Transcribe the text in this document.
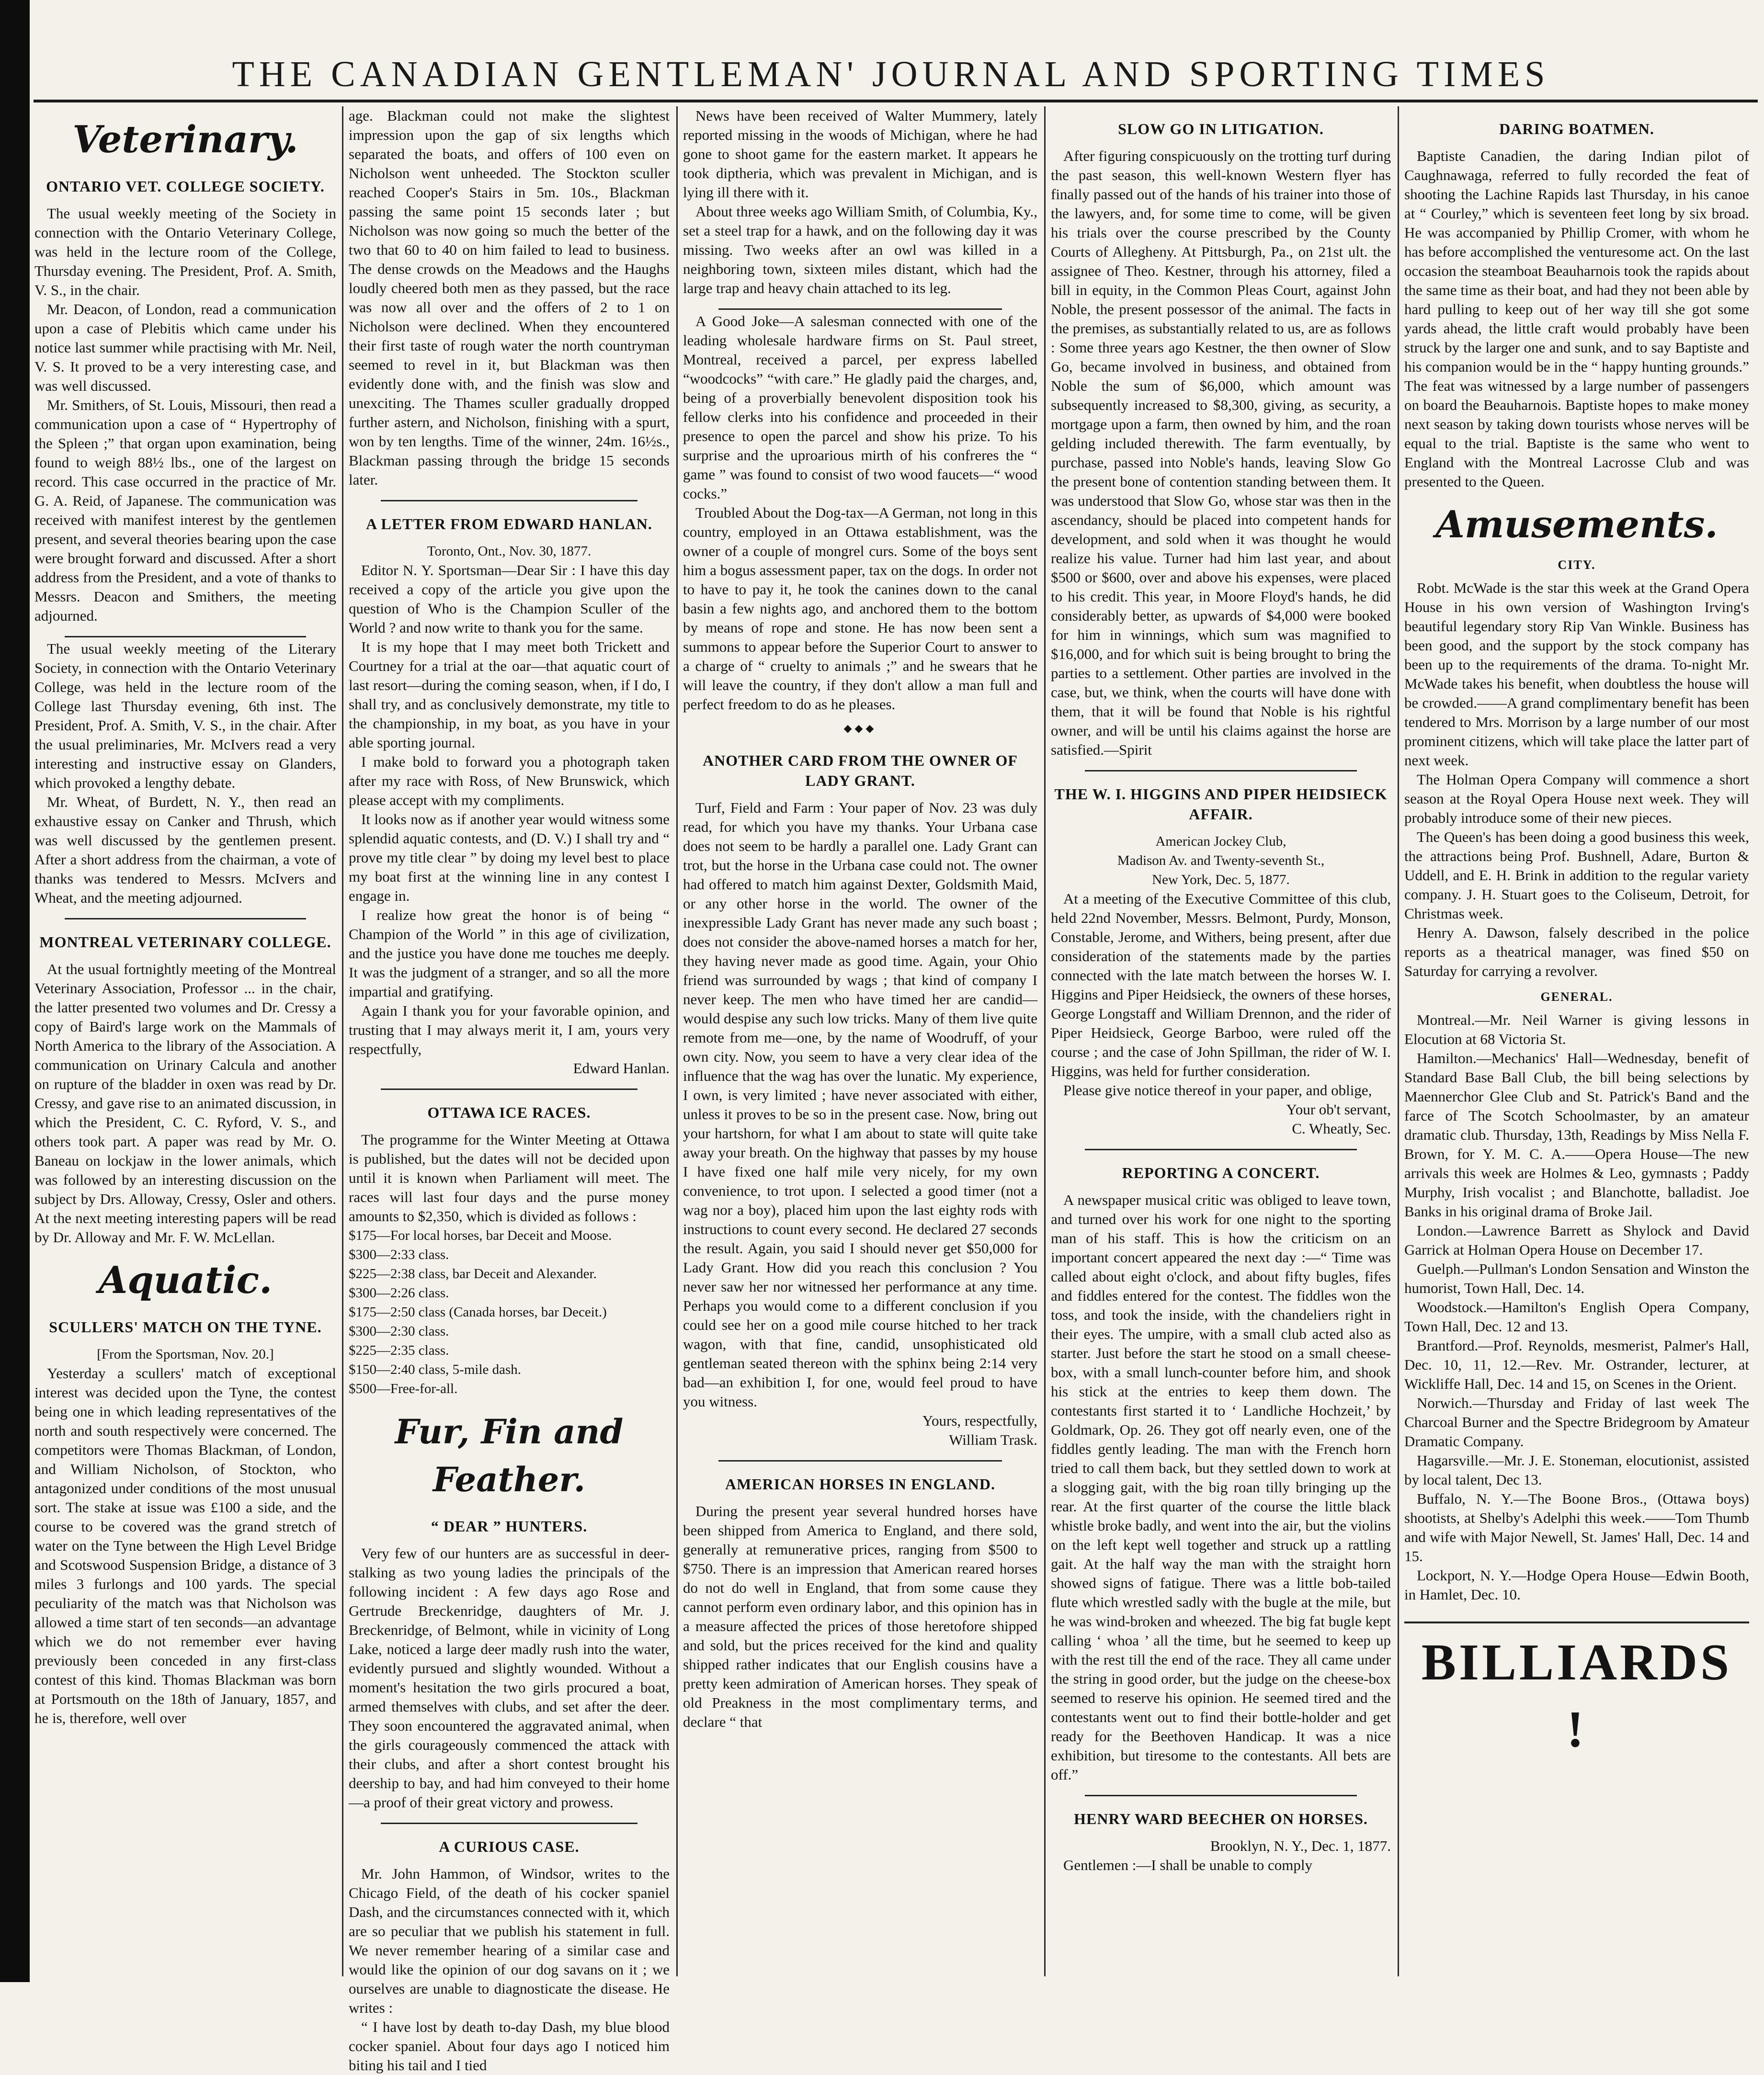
THE CANADIAN GENTLEMAN' JOURNAL AND SPORTING TIMES
Veterinary.
ONTARIO VET. COLLEGE SOCIETY.

The usual weekly meeting of the Society in connection with the Ontario Veterinary College, was held in the lecture room of the College, Thursday evening. The President, Prof. A. Smith, V. S., in the chair.

Mr. Deacon, of London, read a communication upon a case of Plebitis which came under his notice last summer while practising with Mr. Neil, V. S. It proved to be a very interesting case, and was well discussed.

Mr. Smithers, of St. Louis, Missouri, then read a communication upon a case of “ Hypertrophy of the Spleen ;” that organ upon examination, being found to weigh 88½ lbs., one of the largest on record. This case occurred in the practice of Mr. G. A. Reid, of Japanese. The communication was received with manifest interest by the gentlemen present, and several theories bearing upon the case were brought forward and discussed. After a short address from the President, and a vote of thanks to Messrs. Deacon and Smithers, the meeting adjourned.

The usual weekly meeting of the Literary Society, in connection with the Ontario Veterinary College, was held in the lecture room of the College last Thursday evening, 6th inst. The President, Prof. A. Smith, V. S., in the chair. After the usual preliminaries, Mr. McIvers read a very interesting and instructive essay on Glanders, which provoked a lengthy debate.

Mr. Wheat, of Burdett, N. Y., then read an exhaustive essay on Canker and Thrush, which was well discussed by the gentlemen present. After a short address from the chairman, a vote of thanks was tendered to Messrs. McIvers and Wheat, and the meeting adjourned.

MONTREAL VETERINARY COLLEGE.

At the usual fortnightly meeting of the Montreal Veterinary Association, Professor ... in the chair, the latter presented two volumes and Dr. Cressy a copy of Baird's large work on the Mammals of North America to the library of the Association. A communication on Urinary Calcula and another on rupture of the bladder in oxen was read by Dr. Cressy, and gave rise to an animated discussion, in which the President, C. C. Ryford, V. S., and others took part. A paper was read by Mr. O. Baneau on lockjaw in the lower animals, which was followed by an interesting discussion on the subject by Drs. Alloway, Cressy, Osler and others. At the next meeting interesting papers will be read by Dr. Alloway and Mr. F. W. McLellan.

Aquatic.
SCULLERS' MATCH ON THE TYNE.

[From the Sportsman, Nov. 20.]

Yesterday a scullers' match of exceptional interest was decided upon the Tyne, the contest being one in which leading representatives of the north and south respectively were concerned. The competitors were Thomas Blackman, of London, and William Nicholson, of Stockton, who antagonized under conditions of the most unusual sort. The stake at issue was £100 a side, and the course to be covered was the grand stretch of water on the Tyne between the High Level Bridge and Scotswood Suspension Bridge, a distance of 3 miles 3 furlongs and 100 yards. The special peculiarity of the match was that Nicholson was allowed a time start of ten seconds—an advantage which we do not remember ever having previously been conceded in any first-class contest of this kind. Thomas Blackman was born at Portsmouth on the 18th of January, 1857, and he is, therefore, well over

age. Blackman could not make the slightest impression upon the gap of six lengths which separated the boats, and offers of 100 even on Nicholson went unheeded. The Stockton sculler reached Cooper's Stairs in 5m. 10s., Blackman passing the same point 15 seconds later ; but Nicholson was now going so much the better of the two that 60 to 40 on him failed to lead to business. The dense crowds on the Meadows and the Haughs loudly cheered both men as they passed, but the race was now all over and the offers of 2 to 1 on Nicholson were declined. When they encountered their first taste of rough water the north countryman seemed to revel in it, but Blackman was then evidently done with, and the finish was slow and unexciting. The Thames sculler gradually dropped further astern, and Nicholson, finishing with a spurt, won by ten lengths. Time of the winner, 24m. 16½s., Blackman passing through the bridge 15 seconds later.

A LETTER FROM EDWARD HANLAN.

Toronto, Ont., Nov. 30, 1877.

Editor N. Y. Sportsman—Dear Sir : I have this day received a copy of the article you give upon the question of Who is the Champion Sculler of the World ? and now write to thank you for the same.

It is my hope that I may meet both Trickett and Courtney for a trial at the oar—that aquatic court of last resort—during the coming season, when, if I do, I shall try, and as conclusively demonstrate, my title to the championship, in my boat, as you have in your able sporting journal.

I make bold to forward you a photograph taken after my race with Ross, of New Brunswick, which please accept with my compliments.

It looks now as if another year would witness some splendid aquatic contests, and (D. V.) I shall try and “ prove my title clear ” by doing my level best to place my boat first at the winning line in any contest I engage in.

I realize how great the honor is of being “ Champion of the World ” in this age of civilization, and the justice you have done me touches me deeply. It was the judgment of a stranger, and so all the more impartial and gratifying.

Again I thank you for your favorable opinion, and trusting that I may always merit it, I am, yours very respectfully,

Edward Hanlan.

OTTAWA ICE RACES.

The programme for the Winter Meeting at Ottawa is published, but the dates will not be decided upon until it is known when Parliament will meet. The races will last four days and the purse money amounts to $2,350, which is divided as follows :

$175—For local horses, bar Deceit and Moose.

$300—2:33 class.

$225—2:38 class, bar Deceit and Alexander.

$300—2:26 class.

$175—2:50 class (Canada horses, bar Deceit.)

$300—2:30 class.

$225—2:35 class.

$150—2:40 class, 5-mile dash.

$500—Free-for-all.

Fur, Fin and Feather.
“ DEAR ” HUNTERS.

Very few of our hunters are as successful in deer-stalking as two young ladies the principals of the following incident : A few days ago Rose and Gertrude Breckenridge, daughters of Mr. J. Breckenridge, of Belmont, while in vicinity of Long Lake, noticed a large deer madly rush into the water, evidently pursued and slightly wounded. Without a moment's hesitation the two girls procured a boat, armed themselves with clubs, and set after the deer. They soon encountered the aggravated animal, when the girls courageously commenced the attack with their clubs, and after a short contest brought his deership to bay, and had him conveyed to their home—a proof of their great victory and prowess.

A CURIOUS CASE.

Mr. John Hammon, of Windsor, writes to the Chicago Field, of the death of his cocker spaniel Dash, and the circumstances connected with it, which are so peculiar that we publish his statement in full. We never remember hearing of a similar case and would like the opinion of our dog savans on it ; we ourselves are unable to diagnosticate the disease. He writes :

“ I have lost by death to-day Dash, my blue blood cocker spaniel. About four days ago I noticed him biting his tail and I tied

News have been received of Walter Mummery, lately reported missing in the woods of Michigan, where he had gone to shoot game for the eastern market. It appears he took diptheria, which was prevalent in Michigan, and is lying ill there with it.

About three weeks ago William Smith, of Columbia, Ky., set a steel trap for a hawk, and on the following day it was missing. Two weeks after an owl was killed in a neighboring town, sixteen miles distant, which had the large trap and heavy chain attached to its leg.

A Good Joke—A salesman connected with one of the leading wholesale hardware firms on St. Paul street, Montreal, received a parcel, per express labelled “woodcocks” “with care.” He gladly paid the charges, and, being of a proverbially benevolent disposition took his fellow clerks into his confidence and proceeded in their presence to open the parcel and show his prize. To his surprise and the uproarious mirth of his confreres the “ game ” was found to consist of two wood faucets—“ wood cocks.”

Troubled About the Dog-tax—A German, not long in this country, employed in an Ottawa establishment, was the owner of a couple of mongrel curs. Some of the boys sent him a bogus assessment paper, tax on the dogs. In order not to have to pay it, he took the canines down to the canal basin a few nights ago, and anchored them to the bottom by means of rope and stone. He has now been sent a summons to appear before the Superior Court to answer to a charge of “ cruelty to animals ;” and he swears that he will leave the country, if they don't allow a man full and perfect freedom to do as he pleases.

◆◆◆
ANOTHER CARD FROM THE OWNER OF LADY GRANT.

Turf, Field and Farm : Your paper of Nov. 23 was duly read, for which you have my thanks. Your Urbana case does not seem to be hardly a parallel one. Lady Grant can trot, but the horse in the Urbana case could not. The owner had offered to match him against Dexter, Goldsmith Maid, or any other horse in the world. The owner of the inexpressible Lady Grant has never made any such boast ; does not consider the above-named horses a match for her, they having never made as good time. Again, your Ohio friend was surrounded by wags ; that kind of company I never keep. The men who have timed her are candid—would despise any such low tricks. Many of them live quite remote from me—one, by the name of Woodruff, of your own city. Now, you seem to have a very clear idea of the influence that the wag has over the lunatic. My experience, I own, is very limited ; have never associated with either, unless it proves to be so in the present case. Now, bring out your hartshorn, for what I am about to state will quite take away your breath. On the highway that passes by my house I have fixed one half mile very nicely, for my own convenience, to trot upon. I selected a good timer (not a wag nor a boy), placed him upon the last eighty rods with instructions to count every second. He declared 27 seconds the result. Again, you said I should never get $50,000 for Lady Grant. How did you reach this conclusion ? You never saw her nor witnessed her performance at any time. Perhaps you would come to a different conclusion if you could see her on a good mile course hitched to her track wagon, with that fine, candid, unsophisticated old gentleman seated thereon with the sphinx being 2:14 very bad—an exhibition I, for one, would feel proud to have you witness.

Yours, respectfully,

William Trask.

AMERICAN HORSES IN ENGLAND.

During the present year several hundred horses have been shipped from America to England, and there sold, generally at remunerative prices, ranging from $500 to $750. There is an impression that American reared horses do not do well in England, that from some cause they cannot perform even ordinary labor, and this opinion has in a measure affected the prices of those heretofore shipped and sold, but the prices received for the kind and quality shipped rather indicates that our English cousins have a pretty keen admiration of American horses. They speak of old Preakness in the most complimentary terms, and declare “ that

SLOW GO IN LITIGATION.

After figuring conspicuously on the trotting turf during the past season, this well-known Western flyer has finally passed out of the hands of his trainer into those of the lawyers, and, for some time to come, will be given his trials over the course prescribed by the County Courts of Allegheny. At Pittsburgh, Pa., on 21st ult. the assignee of Theo. Kestner, through his attorney, filed a bill in equity, in the Common Pleas Court, against John Noble, the present possessor of the animal. The facts in the premises, as substantially related to us, are as follows : Some three years ago Kestner, the then owner of Slow Go, became involved in business, and obtained from Noble the sum of $6,000, which amount was subsequently increased to $8,300, giving, as security, a mortgage upon a farm, then owned by him, and the roan gelding included therewith. The farm eventually, by purchase, passed into Noble's hands, leaving Slow Go the present bone of contention standing between them. It was understood that Slow Go, whose star was then in the ascendancy, should be placed into competent hands for development, and sold when it was thought he would realize his value. Turner had him last year, and about $500 or $600, over and above his expenses, were placed to his credit. This year, in Moore Floyd's hands, he did considerably better, as upwards of $4,000 were booked for him in winnings, which sum was magnified to $16,000, and for which suit is being brought to bring the parties to a settlement. Other parties are involved in the case, but, we think, when the courts will have done with them, that it will be found that Noble is his rightful owner, and will be until his claims against the horse are satisfied.—Spirit

THE W. I. HIGGINS AND PIPER HEIDSIECK AFFAIR.

American Jockey Club,

Madison Av. and Twenty-seventh St.,

New York, Dec. 5, 1877.

At a meeting of the Executive Committee of this club, held 22nd November, Messrs. Belmont, Purdy, Monson, Constable, Jerome, and Withers, being present, after due consideration of the statements made by the parties connected with the late match between the horses W. I. Higgins and Piper Heidsieck, the owners of these horses, George Longstaff and William Drennon, and the rider of Piper Heidsieck, George Barboo, were ruled off the course ; and the case of John Spillman, the rider of W. I. Higgins, was held for further consideration.

Please give notice thereof in your paper, and oblige,

Your ob't servant,

C. Wheatly, Sec.

REPORTING A CONCERT.

A newspaper musical critic was obliged to leave town, and turned over his work for one night to the sporting man of his staff. This is how the criticism on an important concert appeared the next day :—“ Time was called about eight o'clock, and about fifty bugles, fifes and fiddles entered for the contest. The fiddles won the toss, and took the inside, with the chandeliers right in their eyes. The umpire, with a small club acted also as starter. Just before the start he stood on a small cheese-box, with a small lunch-counter before him, and shook his stick at the entries to keep them down. The contestants first started it to ‘ Landliche Hochzeit,’ by Goldmark, Op. 26. They got off nearly even, one of the fiddles gently leading. The man with the French horn tried to call them back, but they settled down to work at a slogging gait, with the big roan tilly bringing up the rear. At the first quarter of the course the little black whistle broke badly, and went into the air, but the violins on the left kept well together and struck up a rattling gait. At the half way the man with the straight horn showed signs of fatigue. There was a little bob-tailed flute which wrestled sadly with the bugle at the mile, but he was wind-broken and wheezed. The big fat bugle kept calling ‘ whoa ’ all the time, but he seemed to keep up with the rest till the end of the race. They all came under the string in good order, but the judge on the cheese-box seemed to reserve his opinion. He seemed tired and the contestants went out to find their bottle-holder and get ready for the Beethoven Handicap. It was a nice exhibition, but tiresome to the contestants. All bets are off.”

HENRY WARD BEECHER ON HORSES.

Brooklyn, N. Y., Dec. 1, 1877.

Gentlemen :—I shall be unable to comply

DARING BOATMEN.

Baptiste Canadien, the daring Indian pilot of Caughnawaga, referred to fully recorded the feat of shooting the Lachine Rapids last Thursday, in his canoe at “ Courley,” which is seventeen feet long by six broad. He was accompanied by Phillip Cromer, with whom he has before accomplished the venturesome act. On the last occasion the steamboat Beauharnois took the rapids about the same time as their boat, and had they not been able by hard pulling to keep out of her way till she got some yards ahead, the little craft would probably have been struck by the larger one and sunk, and to say Baptiste and his companion would be in the “ happy hunting grounds.” The feat was witnessed by a large number of passengers on board the Beauharnois. Baptiste hopes to make money next season by taking down tourists whose nerves will be equal to the trial. Baptiste is the same who went to England with the Montreal Lacrosse Club and was presented to the Queen.

Amusements.
CITY.

Robt. McWade is the star this week at the Grand Opera House in his own version of Washington Irving's beautiful legendary story Rip Van Winkle. Business has been good, and the support by the stock company has been up to the requirements of the drama. To-night Mr. McWade takes his benefit, when doubtless the house will be crowded.——A grand complimentary benefit has been tendered to Mrs. Morrison by a large number of our most prominent citizens, which will take place the latter part of next week.

The Holman Opera Company will commence a short season at the Royal Opera House next week. They will probably introduce some of their new pieces.

The Queen's has been doing a good business this week, the attractions being Prof. Bushnell, Adare, Burton & Uddell, and E. H. Brink in addition to the regular variety company. J. H. Stuart goes to the Coliseum, Detroit, for Christmas week.

Henry A. Dawson, falsely described in the police reports as a theatrical manager, was fined $50 on Saturday for carrying a revolver.

GENERAL.

Montreal.—Mr. Neil Warner is giving lessons in Elocution at 68 Victoria St.

Hamilton.—Mechanics' Hall—Wednesday, benefit of Standard Base Ball Club, the bill being selections by Maennerchor Glee Club and St. Patrick's Band and the farce of The Scotch Schoolmaster, by an amateur dramatic club. Thursday, 13th, Readings by Miss Nella F. Brown, for Y. M. C. A.——Opera House—The new arrivals this week are Holmes & Leo, gymnasts ; Paddy Murphy, Irish vocalist ; and Blanchotte, balladist. Joe Banks in his original drama of Broke Jail.

London.—Lawrence Barrett as Shylock and David Garrick at Holman Opera House on December 17.

Guelph.—Pullman's London Sensation and Winston the humorist, Town Hall, Dec. 14.

Woodstock.—Hamilton's English Opera Company, Town Hall, Dec. 12 and 13.

Brantford.—Prof. Reynolds, mesmerist, Palmer's Hall, Dec. 10, 11, 12.—Rev. Mr. Ostrander, lecturer, at Wickliffe Hall, Dec. 14 and 15, on Scenes in the Orient.

Norwich.—Thursday and Friday of last week The Charcoal Burner and the Spectre Bridegroom by Amateur Dramatic Company.

Hagarsville.—Mr. J. E. Stoneman, elocutionist, assisted by local talent, Dec 13.

Buffalo, N. Y.—The Boone Bros., (Ottawa boys) shootists, at Shelby's Adelphi this week.——Tom Thumb and wife with Major Newell, St. James' Hall, Dec. 14 and 15.

Lockport, N. Y.—Hodge Opera House—Edwin Booth, in Hamlet, Dec. 10.

BILLIARDS !
